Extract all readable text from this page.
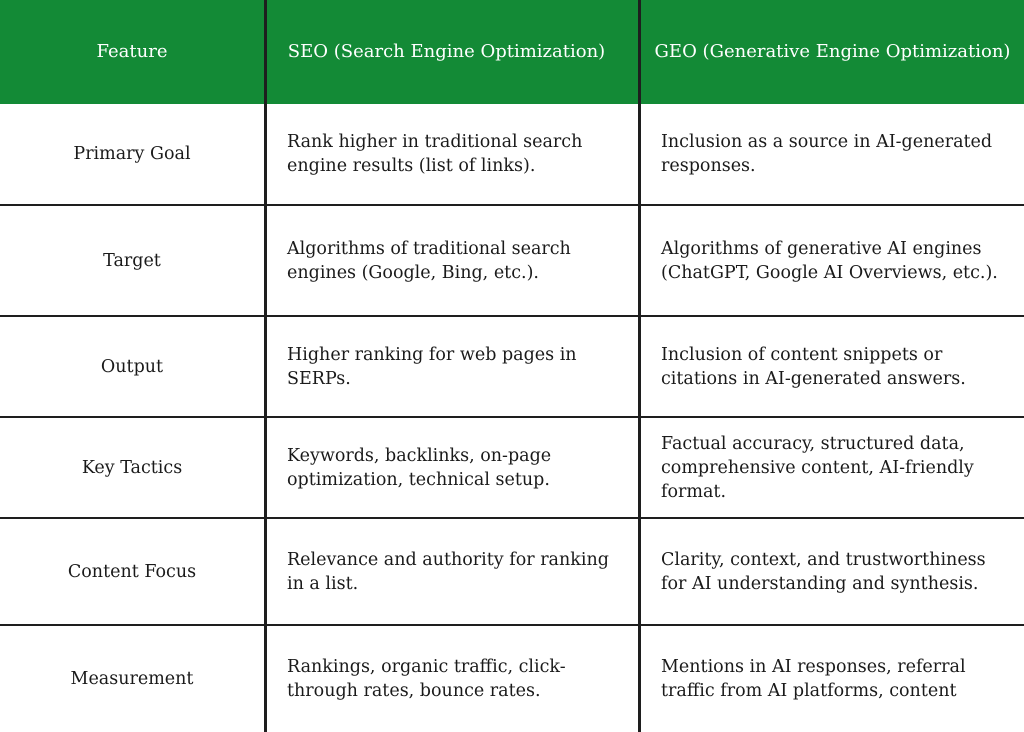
Feature	SEO (Search Engine Optimization)	GEO (Generative Engine Optimization)
Primary Goal
Rank higher in traditional search engine results (list of links).
Inclusion as a source in AI-generated responses.
Target
Algorithms of traditional search engines (Google, Bing, etc.).
Algorithms of generative AI engines (ChatGPT, Google AI Overviews, etc.).
Output
Higher ranking for web pages in SERPs.
Inclusion of content snippets or citations in AI-generated answers.
Key Tactics
Keywords, backlinks, on-page optimization, technical setup.
Factual accuracy, structured data, comprehensive content, AI-friendly format.
Content Focus
Relevance and authority for ranking in a list.
Clarity, context, and trustworthiness for AI understanding and synthesis.
Measurement
Rankings, organic traffic, click-through rates, bounce rates.
Mentions in AI responses, referral traffic from AI platforms, content
